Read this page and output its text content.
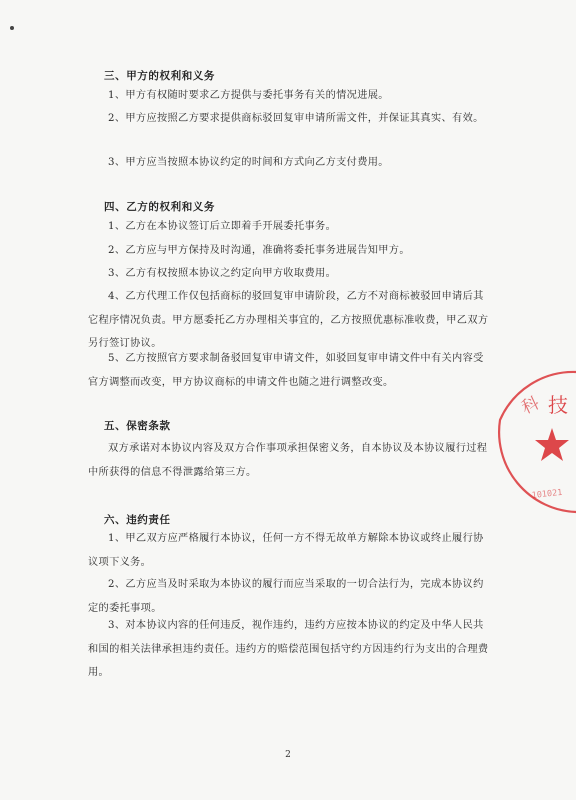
三、甲方的权利和义务
1、甲方有权随时要求乙方提供与委托事务有关的情况进展。
2、甲方应按照乙方要求提供商标驳回复审申请所需文件，并保证其真实、有效。
3、甲方应当按照本协议约定的时间和方式向乙方支付费用。
四、乙方的权利和义务
1、乙方在本协议签订后立即着手开展委托事务。
2、乙方应与甲方保持及时沟通，准确将委托事务进展告知甲方。
3、乙方有权按照本协议之约定向甲方收取费用。
4、乙方代理工作仅包括商标的驳回复审申请阶段，乙方不对商标被驳回申请后其它程序情况负责。甲方愿委托乙方办理相关事宜的，乙方按照优惠标准收费，甲乙双方另行签订协议。
5、乙方按照官方要求制备驳回复审申请文件，如驳回复审申请文件中有关内容受官方调整而改变，甲方协议商标的申请文件也随之进行调整改变。
五、保密条款
双方承诺对本协议内容及双方合作事项承担保密义务，自本协议及本协议履行过程中所获得的信息不得泄露给第三方。
六、违约责任
1、甲乙双方应严格履行本协议，任何一方不得无故单方解除本协议或终止履行协议项下义务。
2、乙方应当及时采取为本协议的履行而应当采取的一切合法行为，完成本协议约定的委托事项。
3、对本协议内容的任何违反，视作违约，违约方应按本协议的约定及中华人民共和国的相关法律承担违约责任。违约方的赔偿范围包括守约方因违约行为支出的合理费用。
科 技
101021
2
